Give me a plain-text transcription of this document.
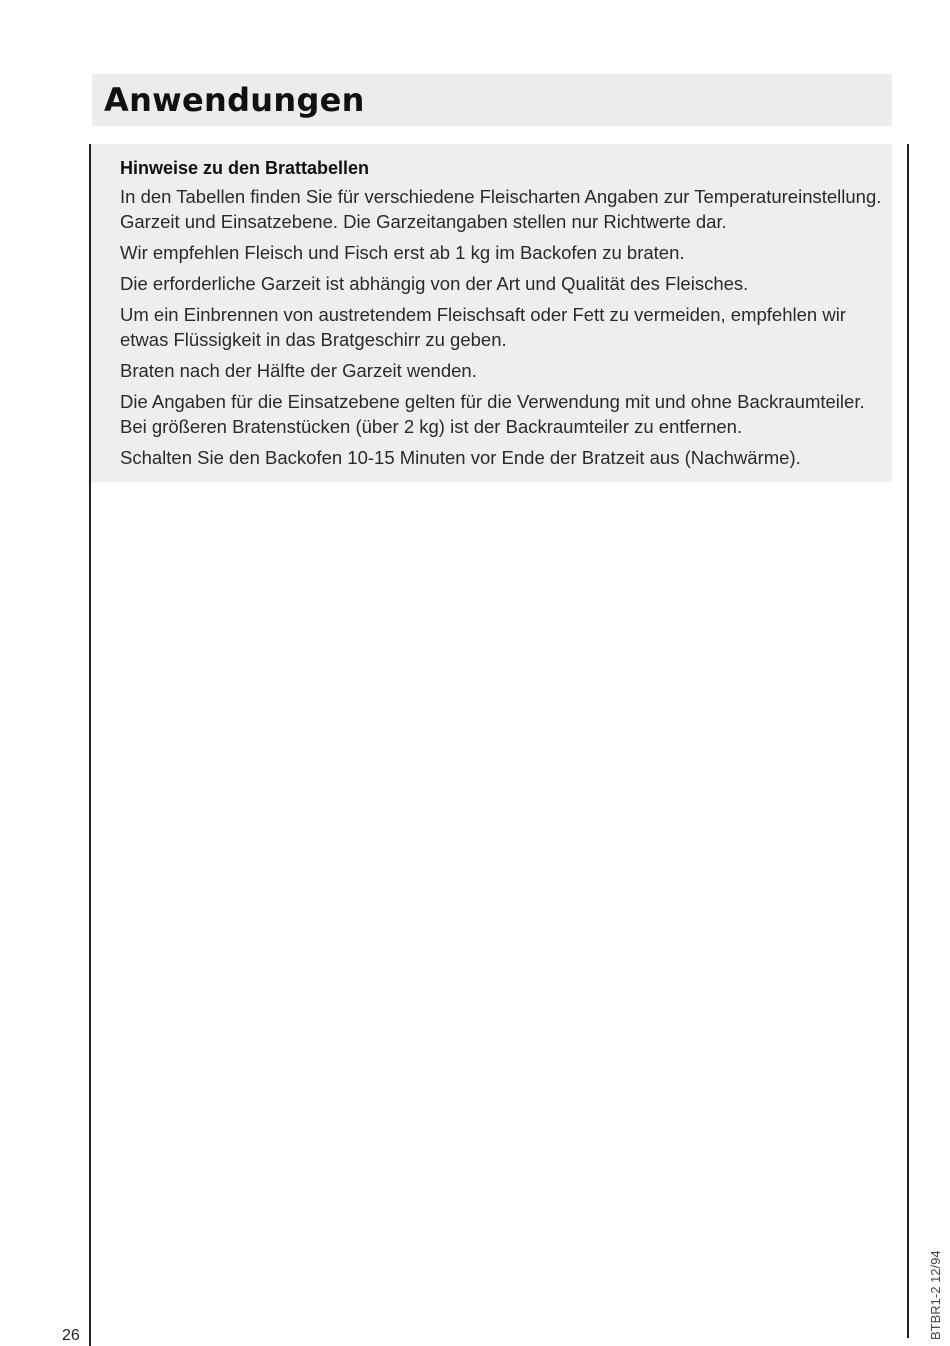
Anwendungen
Hinweise zu den Brattabellen

In den Tabellen finden Sie für verschiedene Fleischarten Angaben zur Temperatureinstellung. Garzeit und Einsatzebene. Die Garzeitangaben stellen nur Richtwerte dar.

Wir empfehlen Fleisch und Fisch erst ab 1 kg im Backofen zu braten.

Die erforderliche Garzeit ist abhängig von der Art und Qualität des Fleisches.

Um ein Einbrennen von austretendem Fleischsaft oder Fett zu vermeiden, empfehlen wir etwas Flüssigkeit in das Bratgeschirr zu geben.

Braten nach der Hälfte der Garzeit wenden.

Die Angaben für die Einsatzebene gelten für die Verwendung mit und ohne Backraumteiler. Bei größeren Bratenstücken (über 2 kg) ist der Backraumteiler zu entfernen.

Schalten Sie den Backofen 10-15 Minuten vor Ende der Bratzeit aus (Nachwärme).

26	BTBR1-2 12/94
